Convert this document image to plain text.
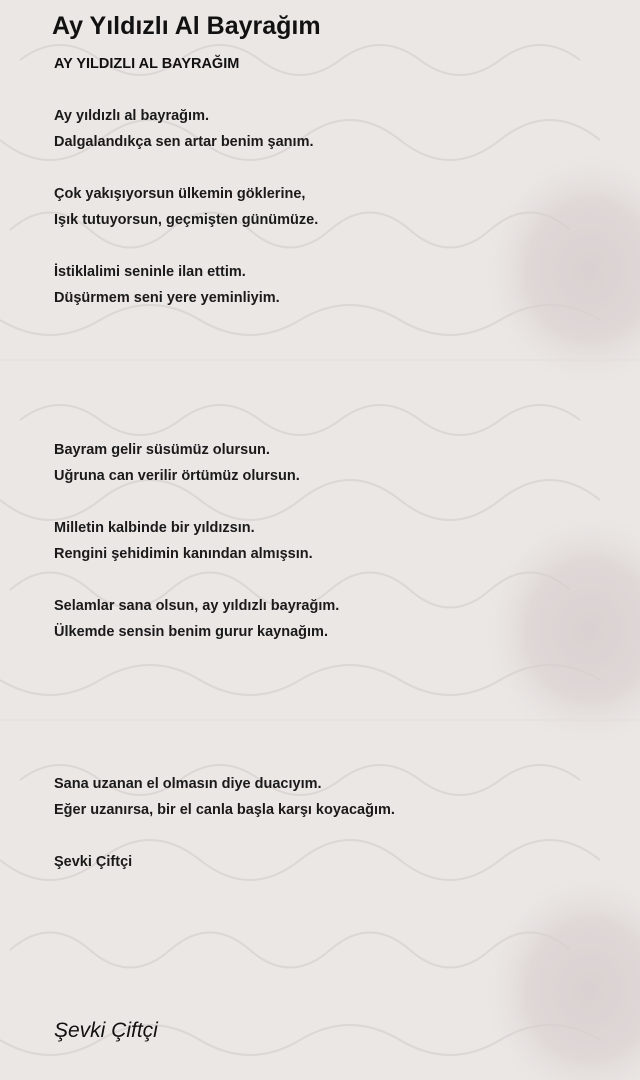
Ay Yıldızlı Al Bayrağım
AY YILDIZLI AL BAYRAĞIM

Ay yıldızlı al bayrağım.

Dalgalandıkça sen artar benim şanım.

Çok yakışıyorsun ülkemin göklerine,

Işık tutuyorsun, geçmişten günümüze.

İstiklalimi seninle ilan ettim.

Düşürmem seni yere yeminliyim.

Bayram gelir süsümüz olursun.

Uğruna can verilir örtümüz olursun.

Milletin kalbinde bir yıldızsın.

Rengini şehidimin kanından almışsın.

Selamlar sana olsun, ay yıldızlı bayrağım.

Ülkemde sensin benim gurur kaynağım.

Sana uzanan el olmasın diye duacıyım.

Eğer uzanırsa, bir el canla başla karşı koyacağım.

Şevki Çiftçi

Şevki Çiftçi
